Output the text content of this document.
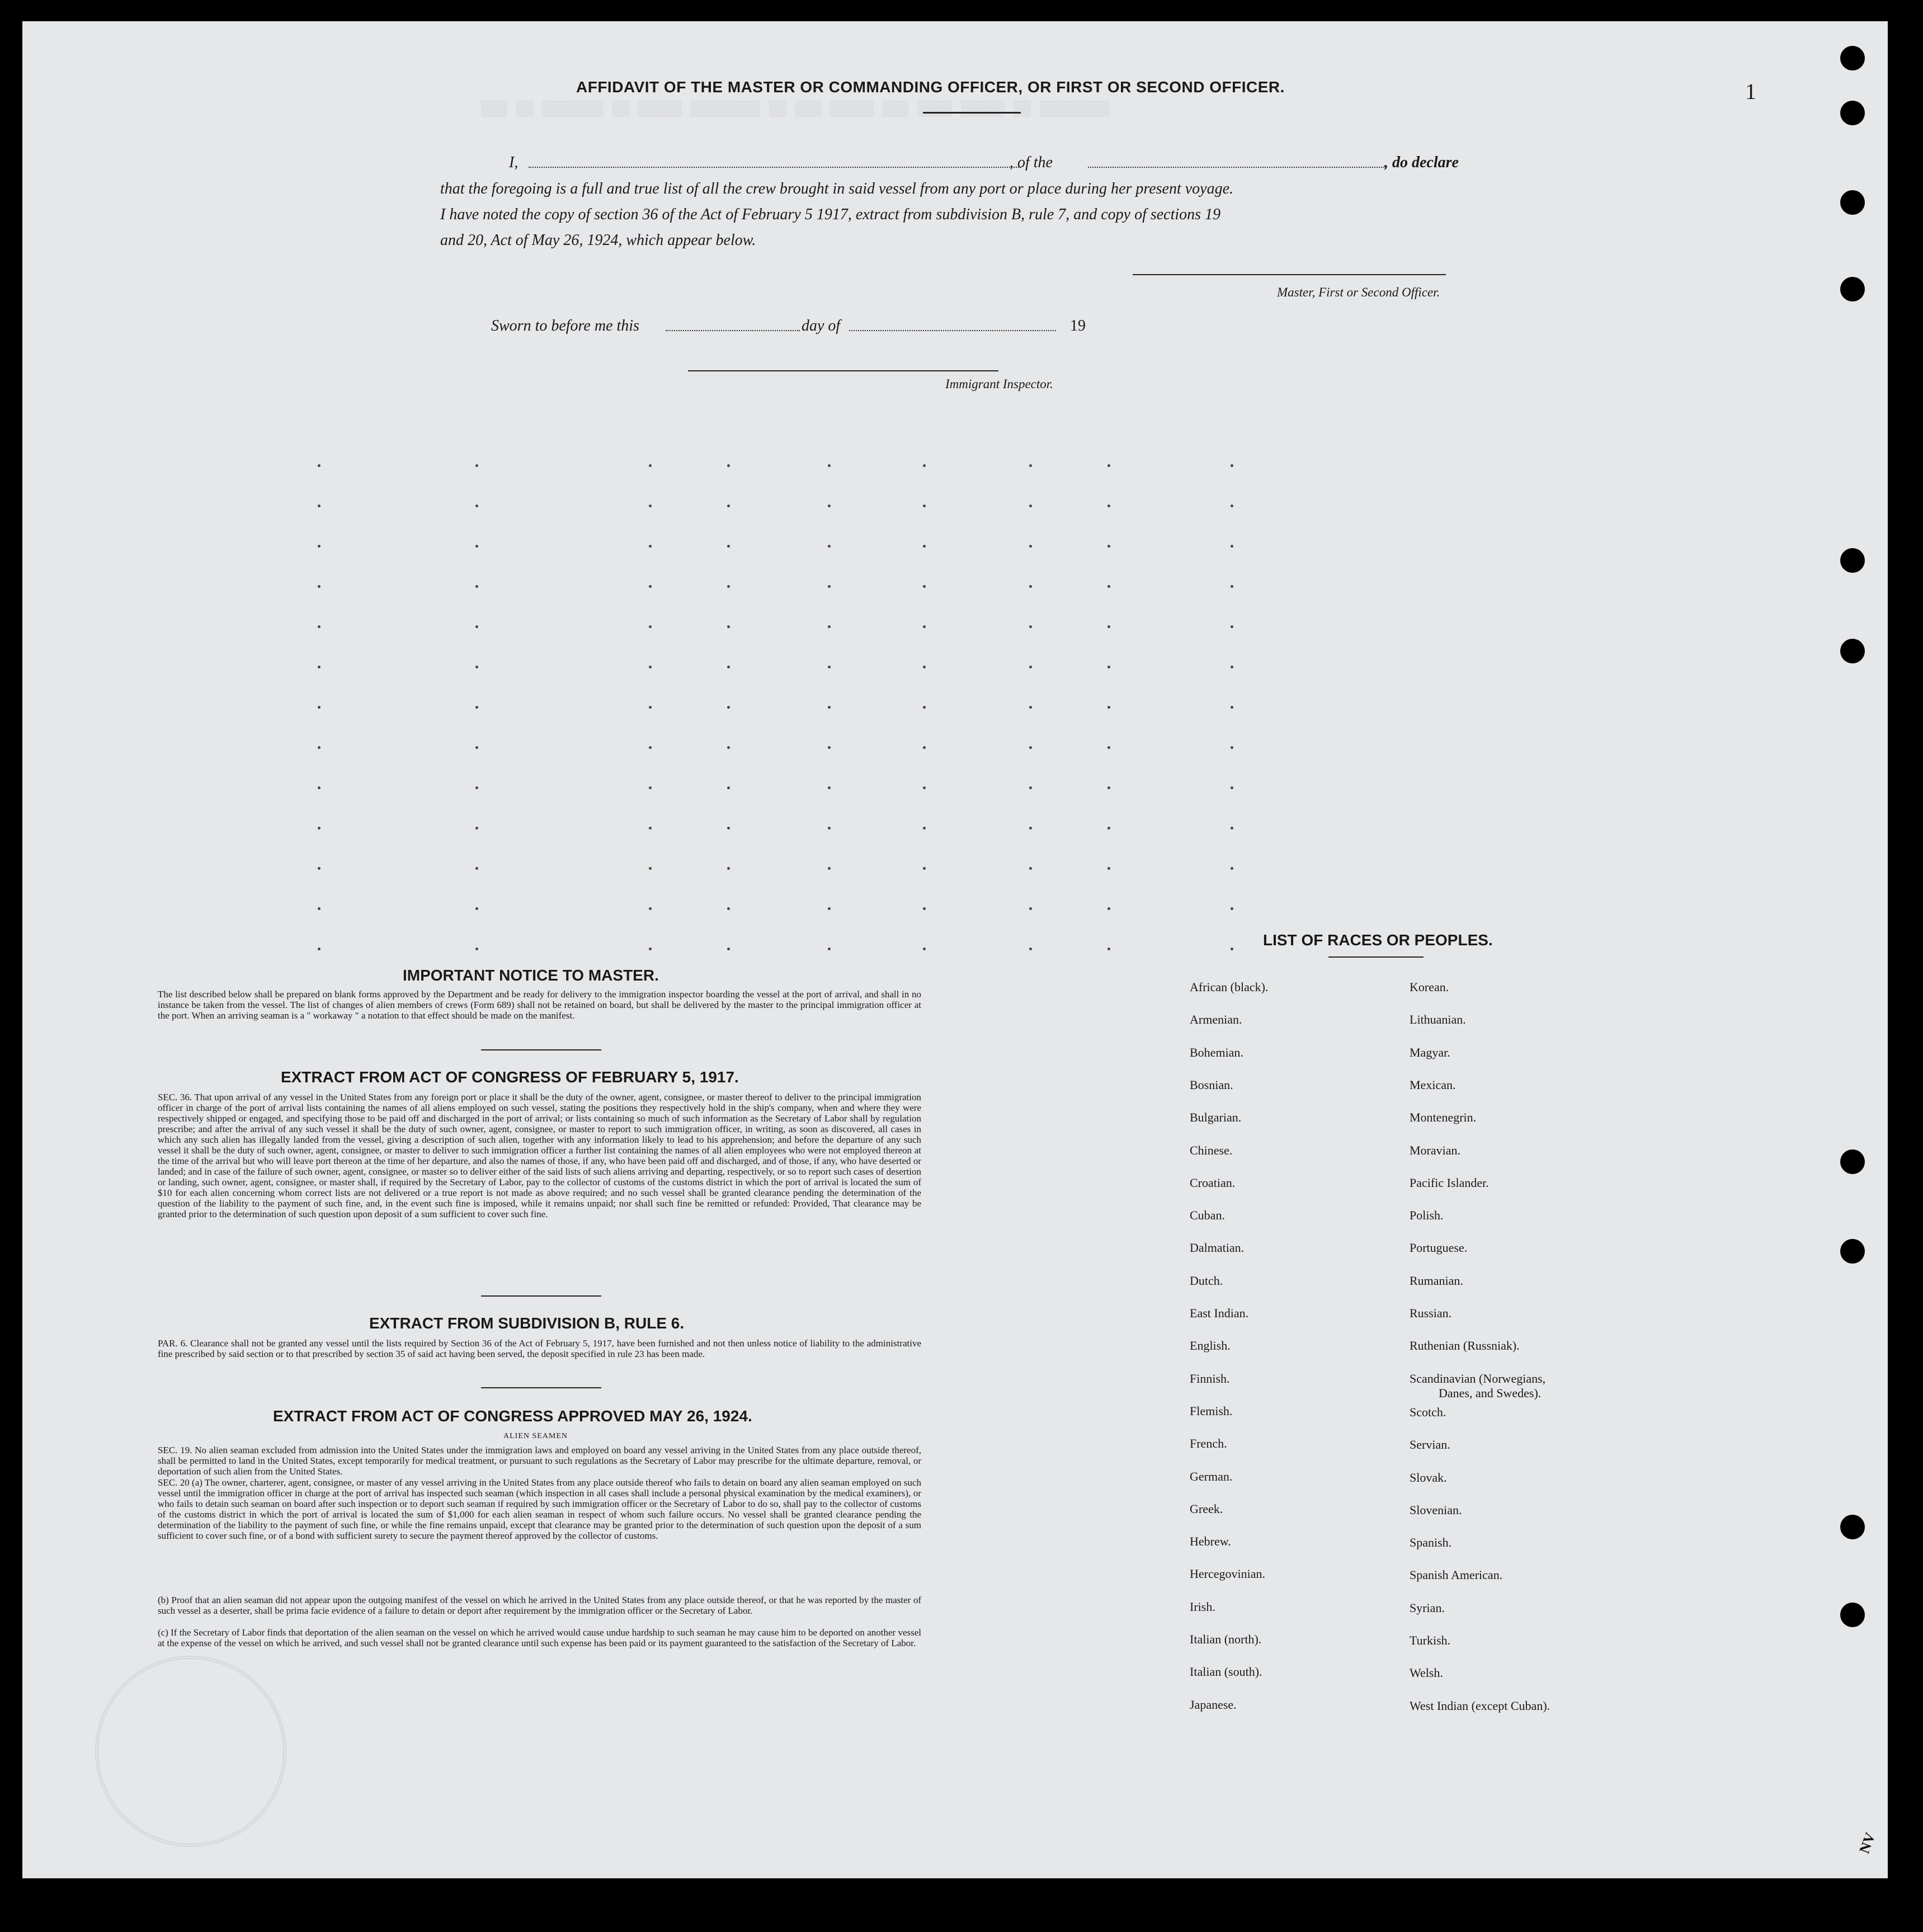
▒▒▒ ▒▒ ▒▒▒▒▒▒▒ ▒▒ ▒▒▒▒▒ ▒▒▒▒▒▒▒▒ ▒▒ ▒▒▒ ▒▒▒▒▒ ▒▒▒ ▒▒▒▒ ▒▒▒▒▒ ▒▒ ▒▒▒▒▒▒▒▒
1
NV
AFFIDAVIT OF THE MASTER OR COMMANDING OFFICER, OR FIRST OR SECOND OFFICER.
I,	, of the	, do declare
that the foregoing is a full and true list of all the crew brought in said vessel from any port or place during her present voyage.
I have noted the copy of section 36 of the Act of February 5 1917, extract from subdivision B, rule 7, and copy of sections 19
and 20, Act of May 26, 1924, which appear below.
Master, First or Second Officer.
Sworn to before me this	day of	19
Immigrant Inspector.
IMPORTANT NOTICE TO MASTER.
The list described below shall be prepared on blank forms approved by the Department and be ready for delivery to the immigration inspector boarding the vessel at the port of arrival, and shall in no instance be taken from the vessel. The list of changes of alien members of crews (Form 689) shall not be retained on board, but shall be delivered by the master to the principal immigration officer at the port. When an arriving seaman is a " workaway " a notation to that effect should be made on the manifest.
EXTRACT FROM ACT OF CONGRESS OF FEBRUARY 5, 1917.
SEC. 36. That upon arrival of any vessel in the United States from any foreign port or place it shall be the duty of the owner, agent, consignee, or master thereof to deliver to the principal immigration officer in charge of the port of arrival lists containing the names of all aliens employed on such vessel, stating the positions they respectively hold in the ship's company, when and where they were respectively shipped or engaged, and specifying those to be paid off and discharged in the port of arrival; or lists containing so much of such information as the Secretary of Labor shall by regulation prescribe; and after the arrival of any such vessel it shall be the duty of such owner, agent, consignee, or master to report to such immigration officer, in writing, as soon as discovered, all cases in which any such alien has illegally landed from the vessel, giving a description of such alien, together with any information likely to lead to his apprehension; and before the departure of any such vessel it shall be the duty of such owner, agent, consignee, or master to deliver to such immigration officer a further list containing the names of all alien employees who were not employed thereon at the time of the arrival but who will leave port thereon at the time of her departure, and also the names of those, if any, who have been paid off and discharged, and of those, if any, who have deserted or landed; and in case of the failure of such owner, agent, consignee, or master so to deliver either of the said lists of such aliens arriving and departing, respectively, or so to report such cases of desertion or landing, such owner, agent, consignee, or master shall, if required by the Secretary of Labor, pay to the collector of customs of the customs district in which the port of arrival is located the sum of $10 for each alien concerning whom correct lists are not delivered or a true report is not made as above required; and no such vessel shall be granted clearance pending the determination of the question of the liability to the payment of such fine, and, in the event such fine is imposed, while it remains unpaid; nor shall such fine be remitted or refunded: Provided, That clearance may be granted prior to the determination of such question upon deposit of a sum sufficient to cover such fine.
EXTRACT FROM SUBDIVISION B, RULE 6.
PAR. 6. Clearance shall not be granted any vessel until the lists required by Section 36 of the Act of February 5, 1917, have been furnished and not then unless notice of liability to the administrative fine prescribed by said section or to that prescribed by section 35 of said act having been served, the deposit specified in rule 23 has been made.
EXTRACT FROM ACT OF CONGRESS APPROVED MAY 26, 1924.
ALIEN SEAMEN
SEC. 19. No alien seaman excluded from admission into the United States under the immigration laws and employed on board any vessel arriving in the United States from any place outside thereof, shall be permitted to land in the United States, except temporarily for medical treatment, or pursuant to such regulations as the Secretary of Labor may prescribe for the ultimate departure, removal, or deportation of such alien from the United States.
SEC. 20 (a) The owner, charterer, agent, consignee, or master of any vessel arriving in the United States from any place outside thereof who fails to detain on board any alien seaman employed on such vessel until the immigration officer in charge at the port of arrival has inspected such seaman (which inspection in all cases shall include a personal physical examination by the medical examiners), or who fails to detain such seaman on board after such inspection or to deport such seaman if required by such immigration officer or the Secretary of Labor to do so, shall pay to the collector of customs of the customs district in which the port of arrival is located the sum of $1,000 for each alien seaman in respect of whom such failure occurs. No vessel shall be granted clearance pending the determination of the liability to the payment of such fine, or while the fine remains unpaid, except that clearance may be granted prior to the determination of such question upon the deposit of a sum sufficient to cover such fine, or of a bond with sufficient surety to secure the payment thereof approved by the collector of customs.
(b) Proof that an alien seaman did not appear upon the outgoing manifest of the vessel on which he arrived in the United States from any place outside thereof, or that he was reported by the master of such vessel as a deserter, shall be prima facie evidence of a failure to detain or deport after requirement by the immigration officer or the Secretary of Labor.
(c) If the Secretary of Labor finds that deportation of the alien seaman on the vessel on which he arrived would cause undue hardship to such seaman he may cause him to be deported on another vessel at the expense of the vessel on which he arrived, and such vessel shall not be granted clearance until such expense has been paid or its payment guaranteed to the satisfaction of the Secretary of Labor.
LIST OF RACES OR PEOPLES.
African (black).
Armenian.
Bohemian.
Bosnian.
Bulgarian.
Chinese.
Croatian.
Cuban.
Dalmatian.
Dutch.
East Indian.
English.
Finnish.
Flemish.
French.
German.
Greek.
Hebrew.
Hercegovinian.
Irish.
Italian (north).
Italian (south).
Japanese.
Korean.
Lithuanian.
Magyar.
Mexican.
Montenegrin.
Moravian.
Pacific Islander.
Polish.
Portuguese.
Rumanian.
Russian.
Ruthenian (Russniak).
Scandinavian (Norwegians,
Scotch.
Servian.
Slovak.
Slovenian.
Spanish.
Spanish American.
Syrian.
Turkish.
Welsh.
West Indian (except Cuban).
Danes, and Swedes).
